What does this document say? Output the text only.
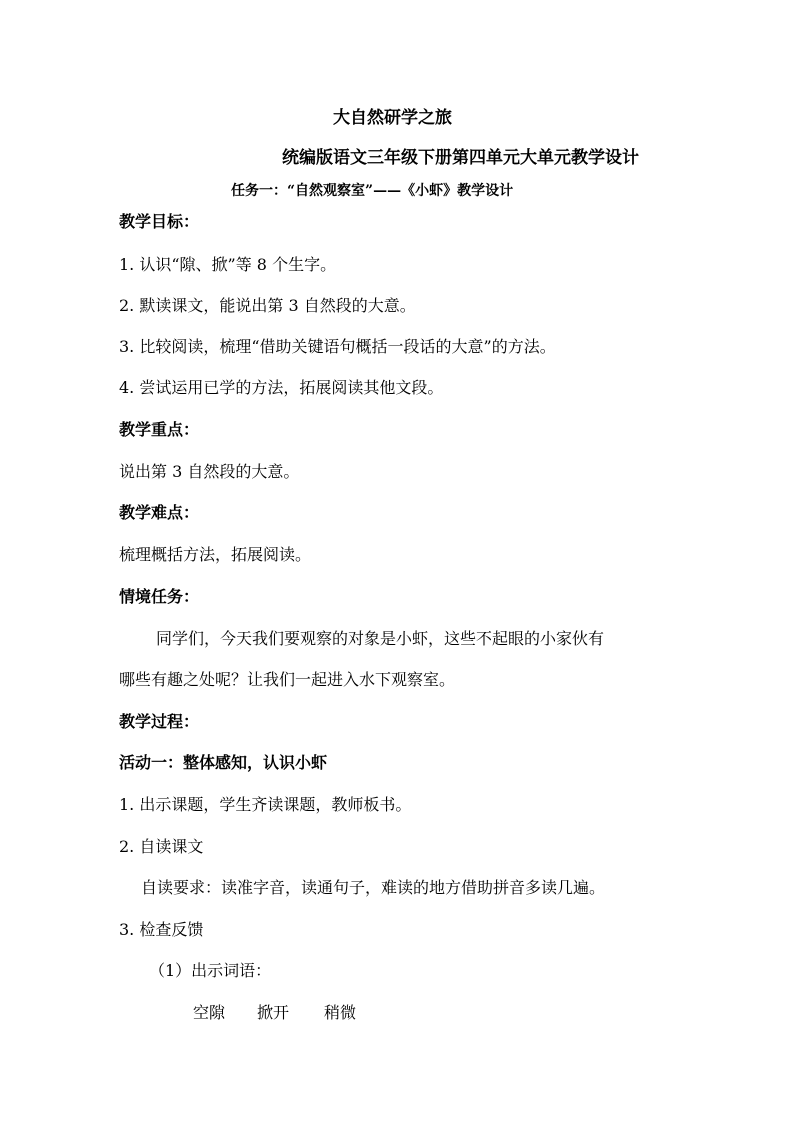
大自然研学之旅
统编版语文三年级下册第四单元大单元教学设计
任务一：“自然观察室”——《小虾》教学设计
教学目标：
1. 认识“隙、掀”等 8 个生字。
2. 默读课文，能说出第 3 自然段的大意。
3. 比较阅读，梳理“借助关键语句概括一段话的大意”的方法。
4. 尝试运用已学的方法，拓展阅读其他文段。
教学重点：
说出第 3 自然段的大意。
教学难点：
梳理概括方法，拓展阅读。
情境任务：
同学们，今天我们要观察的对象是小虾，这些不起眼的小家伙有
哪些有趣之处呢？让我们一起进入水下观察室。
教学过程：
活动一：整体感知，认识小虾
1. 出示课题，学生齐读课题，教师板书。
2. 自读课文
自读要求：读准字音，读通句子，难读的地方借助拼音多读几遍。
3. 检查反馈
（1）出示词语：
空隙 掀开 稍微
